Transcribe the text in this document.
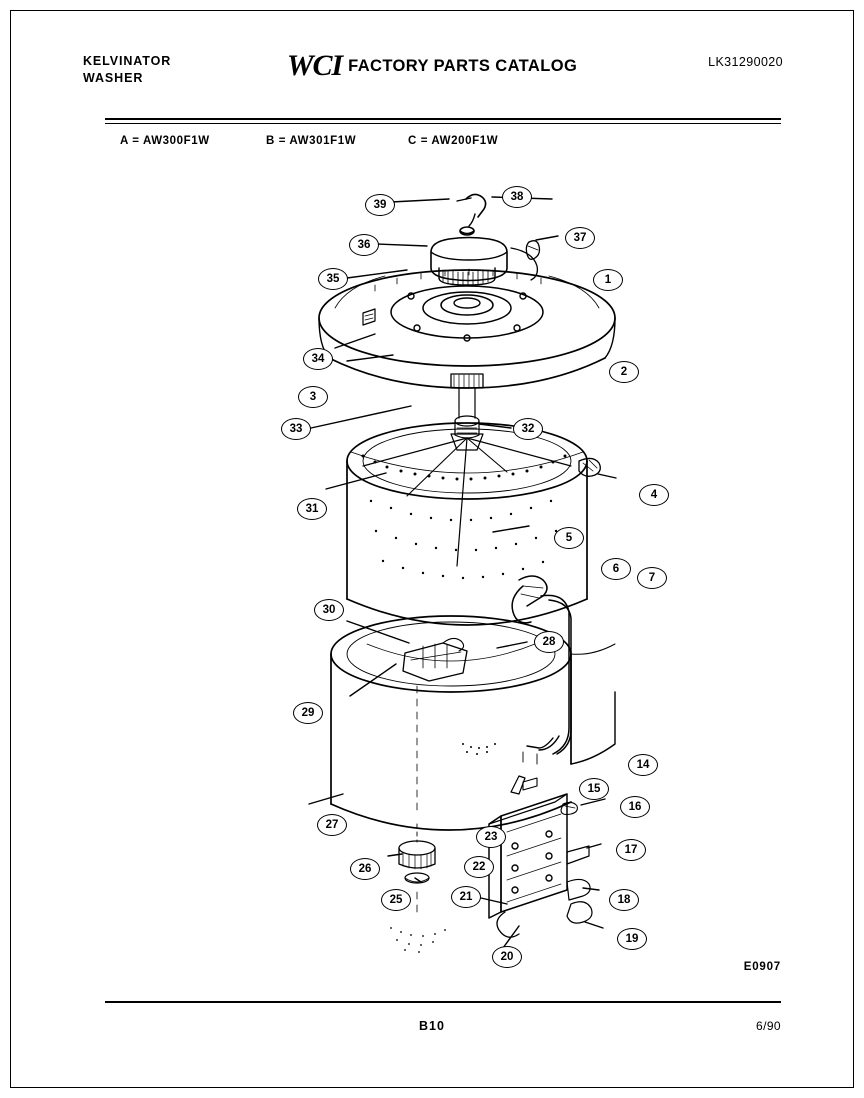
KELVINATOR
WASHER	WCI FACTORY PARTS CATALOG	LK31290020
A = AW300F1W	B = AW301F1W	C = AW200F1W
1
2
3
4
5
6
7
14
15
16
17
18
19
20
21
22
23
25
26
27
28
29
30
31
32
33
34
35
36
37
38
39
E0907
B10	6/90
